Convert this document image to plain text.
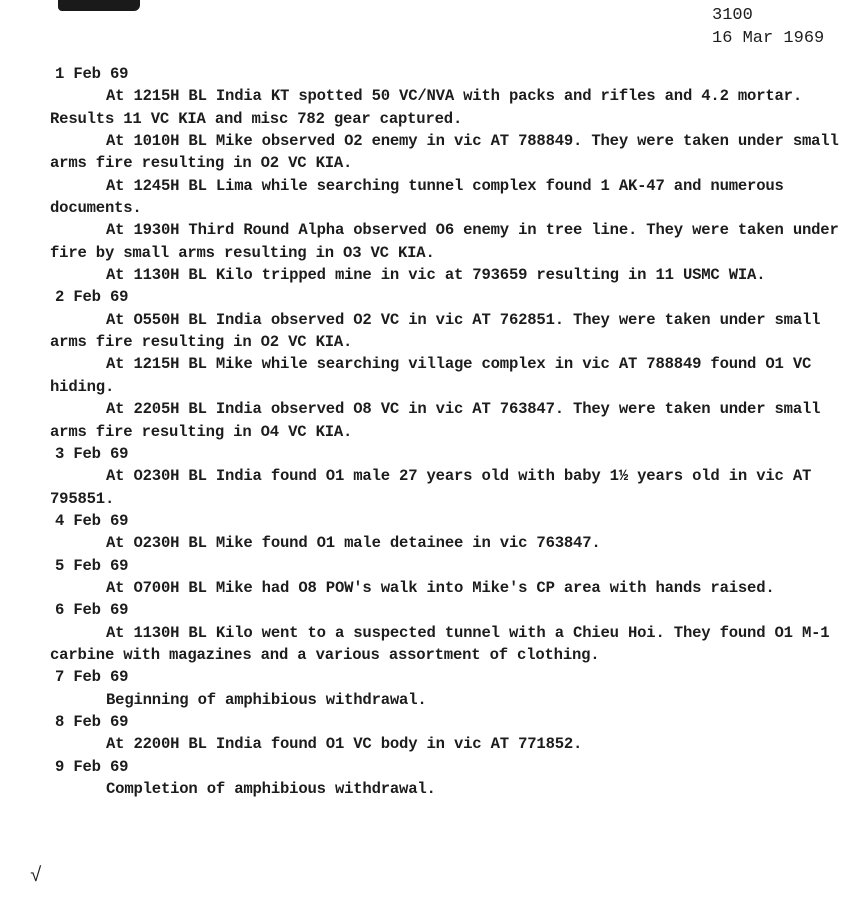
3100
16 Mar 1969
1 Feb 69
At 1215H BL India KT spotted 50 VC/NVA with packs and rifles and 4.2 mortar. Results 11 VC KIA and misc 782 gear captured.
At 1010H BL Mike observed O2 enemy in vic AT 788849. They were taken under small arms fire resulting in O2 VC KIA.
At 1245H BL Lima while searching tunnel complex found 1 AK-47 and numerous documents.
At 1930H Third Round Alpha observed O6 enemy in tree line. They were taken under fire by small arms resulting in O3 VC KIA.
At 1130H BL Kilo tripped mine in vic at 793659 resulting in 11 USMC WIA.
2 Feb 69
At O550H BL India observed O2 VC in vic AT 762851. They were taken under small arms fire resulting in O2 VC KIA.
At 1215H BL Mike while searching village complex in vic AT 788849 found O1 VC hiding.
At 2205H BL India observed O8 VC in vic AT 763847. They were taken under small arms fire resulting in O4 VC KIA.
3 Feb 69
At O230H BL India found O1 male 27 years old with baby 1½ years old in vic AT 795851.
4 Feb 69
At O230H BL Mike found O1 male detainee in vic 763847.
5 Feb 69
At O700H BL Mike had O8 POW's walk into Mike's CP area with hands raised.
6 Feb 69
At 1130H BL Kilo went to a suspected tunnel with a Chieu Hoi. They found O1 M-1 carbine with magazines and a various assortment of clothing.
7 Feb 69
Beginning of amphibious withdrawal.
8 Feb 69
At 2200H BL India found O1 VC body in vic AT 771852.
9 Feb 69
Completion of amphibious withdrawal.
√
